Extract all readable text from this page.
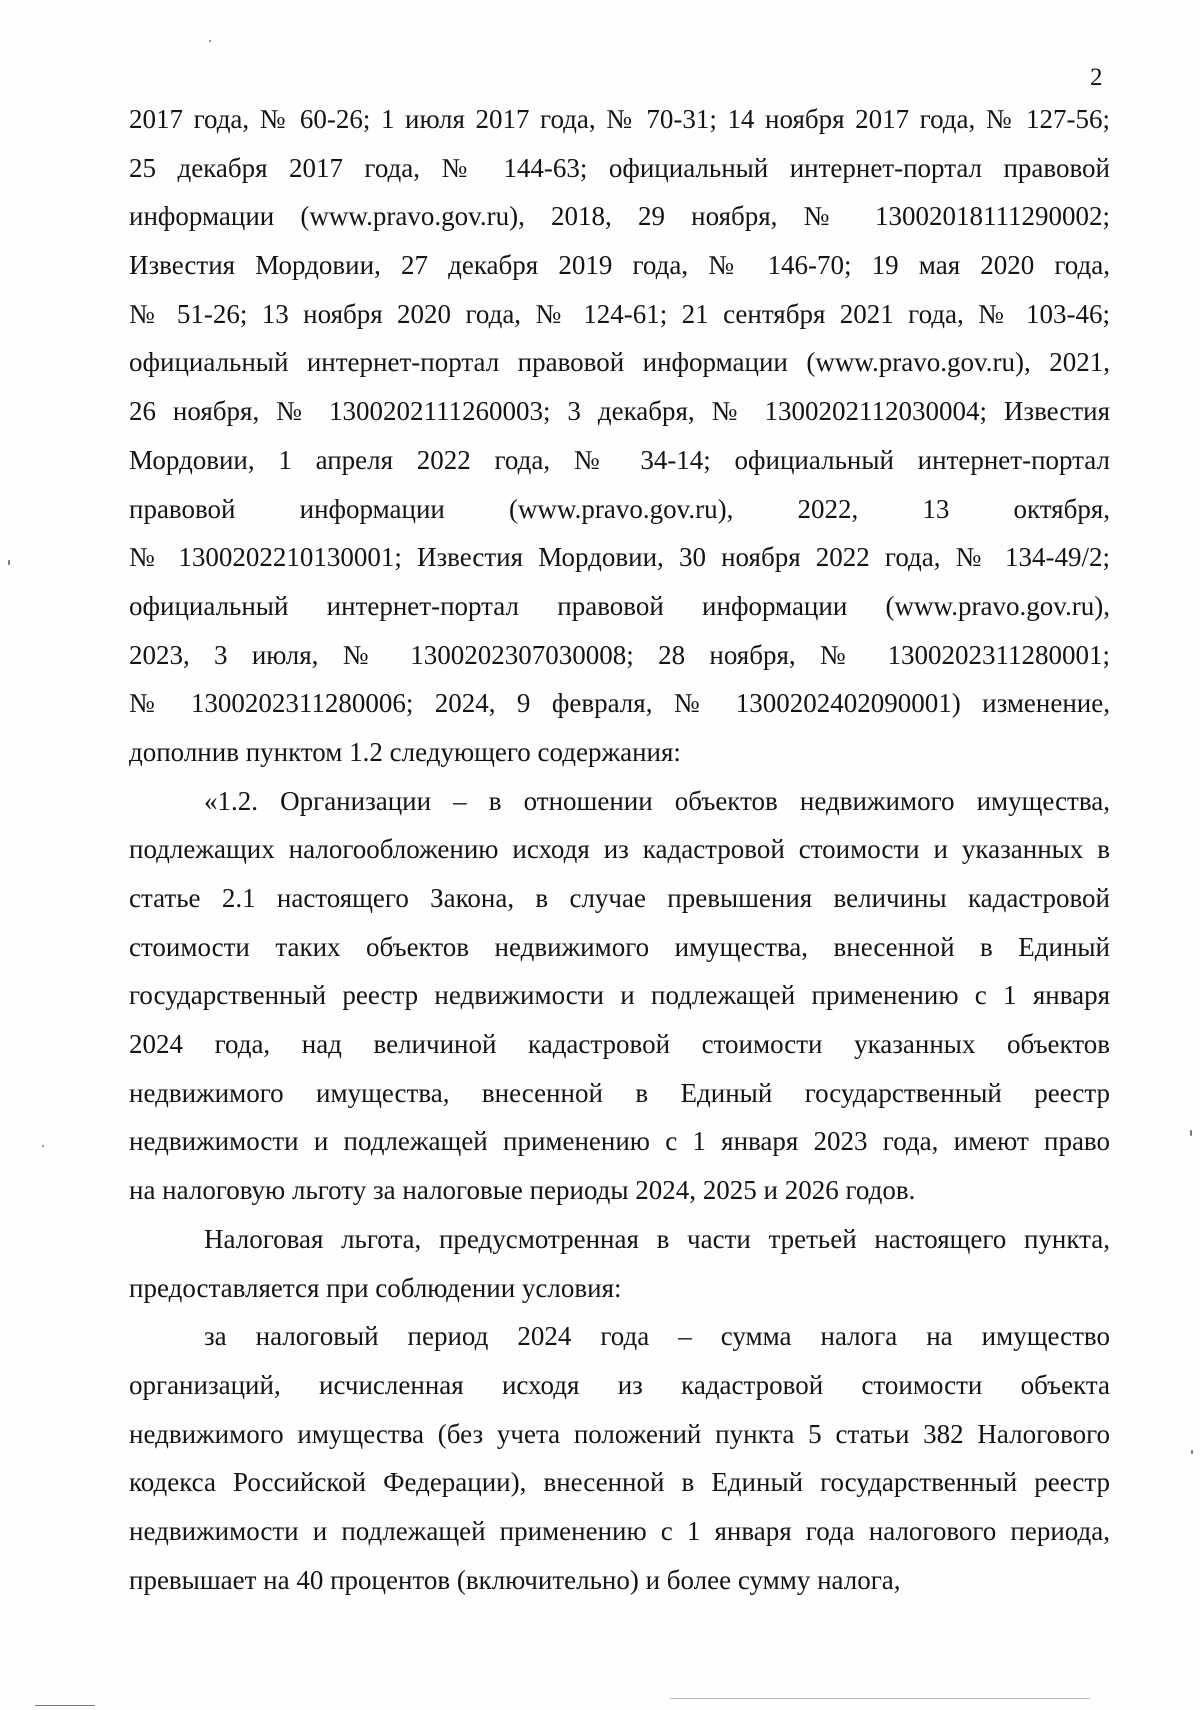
2
2017 года, № 60-26; 1 июля 2017 года, № 70-31; 14 ноября 2017 года, № 127-56;
25 декабря 2017 года, № 144-63; официальный интернет-портал правовой
информации (www.pravo.gov.ru), 2018, 29 ноября, № 13002018111290002;
Известия Мордовии, 27 декабря 2019 года, № 146-70; 19 мая 2020 года,
№ 51-26; 13 ноября 2020 года, № 124-61; 21 сентября 2021 года, № 103-46;
официальный интернет-портал правовой информации (www.pravo.gov.ru), 2021,
26 ноября, № 1300202111260003; 3 декабря, № 1300202112030004; Известия
Мордовии, 1 апреля 2022 года, № 34-14; официальный интернет-портал
правовой информации (www.pravo.gov.ru), 2022, 13 октября,
№ 1300202210130001; Известия Мордовии, 30 ноября 2022 года, № 134-49/2;
официальный интернет-портал правовой информации (www.pravo.gov.ru),
2023, 3 июля, № 1300202307030008; 28 ноября, № 1300202311280001;
№ 1300202311280006; 2024, 9 февраля, № 1300202402090001) изменение,
дополнив пунктом 1.2 следующего содержания:
«1.2. Организации – в отношении объектов недвижимого имущества,
подлежащих налогообложению исходя из кадастровой стоимости и указанных в
статье 2.1 настоящего Закона, в случае превышения величины кадастровой
стоимости таких объектов недвижимого имущества, внесенной в Единый
государственный реестр недвижимости и подлежащей применению с 1 января
2024 года, над величиной кадастровой стоимости указанных объектов
недвижимого имущества, внесенной в Единый государственный реестр
недвижимости и подлежащей применению с 1 января 2023 года, имеют право
на налоговую льготу за налоговые периоды 2024, 2025 и 2026 годов.
Налоговая льгота, предусмотренная в части третьей настоящего пункта,
предоставляется при соблюдении условия:
за налоговый период 2024 года – сумма налога на имущество
организаций, исчисленная исходя из кадастровой стоимости объекта
недвижимого имущества (без учета положений пункта 5 статьи 382 Налогового
кодекса Российской Федерации), внесенной в Единый государственный реестр
недвижимости и подлежащей применению с 1 января года налогового периода,
превышает на 40 процентов (включительно) и более сумму налога,
